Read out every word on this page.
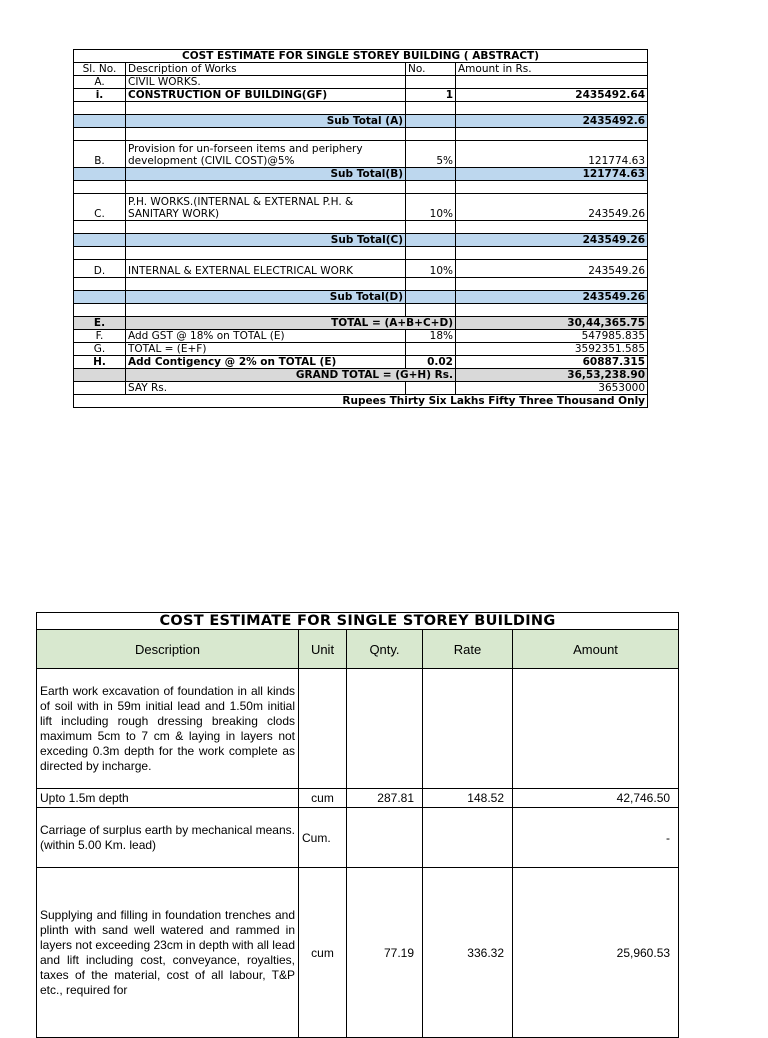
COST ESTIMATE FOR SINGLE STOREY BUILDING ( ABSTRACT)			
Sl. No.	Description of Works	No.	Amount in Rs.
A.	CIVIL WORKS.		
i.	CONSTRUCTION OF BUILDING(GF)	1	2435492.64

	Sub Total (A)		2435492.6

B.	Provision for un-forseen items and periphery development (CIVIL COST)@5%	5%	121774.63
	Sub Total(B)		121774.63

C.	P.H. WORKS.(INTERNAL & EXTERNAL P.H. & SANITARY WORK)	10%	243549.26

	Sub Total(C)		243549.26

D.	INTERNAL & EXTERNAL ELECTRICAL WORK	10%	243549.26

	Sub Total(D)		243549.26

E.	TOTAL = (A+B+C+D)		30,44,365.75
F.	Add GST @ 18% on TOTAL (E)	18%	547985.835
G.	TOTAL = (E+F)		3592351.585
H.	Add Contigency @ 2% on TOTAL (E)	0.02	60887.315
	GRAND TOTAL = (G+H) Rs.		36,53,238.90
	SAY Rs.		3653000
Rupees Thirty Six Lakhs Fifty Three Thousand Only			
COST ESTIMATE FOR SINGLE STOREY BUILDING				
Description	Unit	Qnty.	Rate	Amount
Earth work excavation of foundation in all kinds of soil with in 59m initial lead and 1.50m initial lift including rough dressing breaking clods maximum 5cm to 7 cm & laying in layers not exceding 0.3m depth for the work complete as directed by incharge.				
Upto 1.5m depth	cum	287.81	148.52	42,746.50
Carriage of surplus earth by mechanical means.(within 5.00 Km. lead)	Cum.			-
Supplying and filling in foundation trenches and plinth with sand well watered and rammed in layers not exceeding 23cm in depth with all lead and lift including cost, conveyance, royalties, taxes of the material, cost of all labour, T&P etc., required for	cum	77.19	336.32	25,960.53
